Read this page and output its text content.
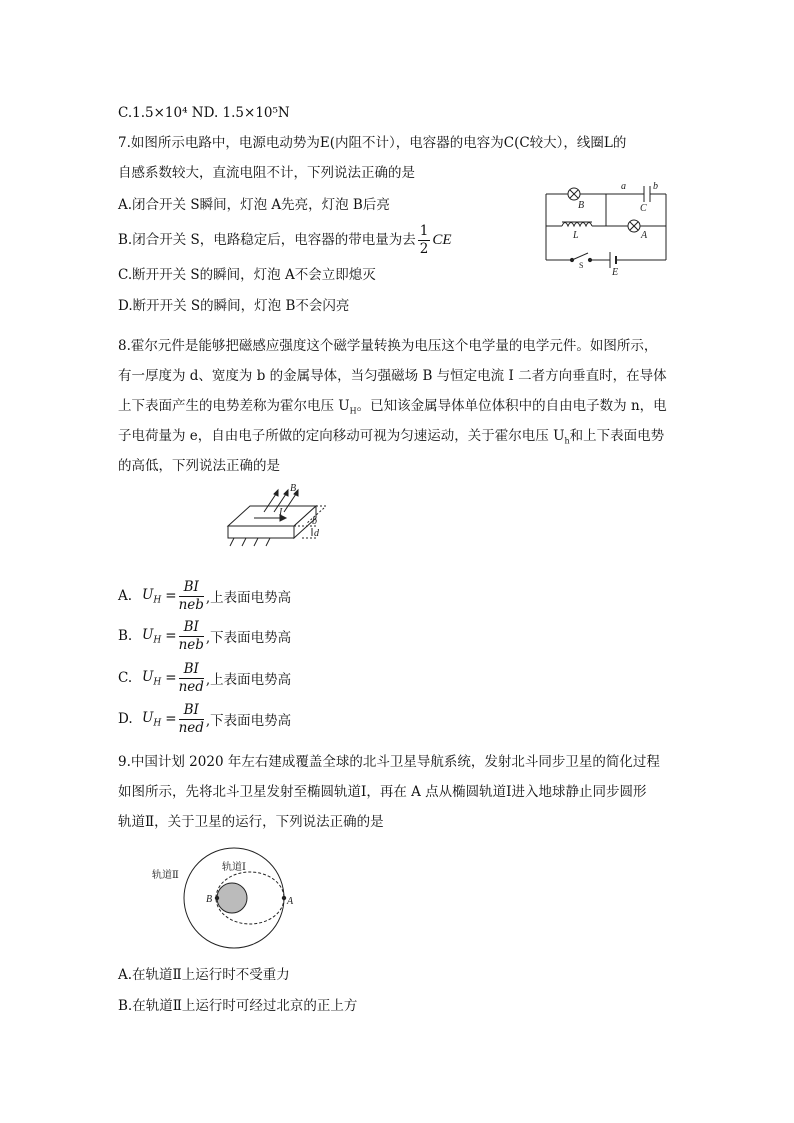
C.1.5×10⁴ ND. 1.5×10⁵N
7.如图所示电路中，电源电动势为E(内阻不计），电容器的电容为C(C较大），线圈L的
自感系数较大，直流电阻不计，下列说法正确的是
A.闭合开关 S瞬间，灯泡 A先亮，灯泡 B后亮
B.闭合开关 S，电路稳定后，电容器的带电量为去 $\frac{1}{2}$ CE
C.断开开关 S的瞬间，灯泡 A不会立即熄灭
D.断开开关 S的瞬间，灯泡 B不会闪亮
B
a	b
C
L	A
S
E
8.霍尔元件是能够把磁感应强度这个磁学量转换为电压这个电学量的电学元件。如图所示，
有一厚度为 d、宽度为 b 的金属导体，当匀强磁场 B 与恒定电流 I 二者方向垂直时，在导体
上下表面产生的电势差称为霍尔电压 $U_H$。已知该金属导体单位体积中的自由电子数为 n，电
子电荷量为 e，自由电子所做的定向移动可视为匀速运动，关于霍尔电压 $U_h$和上下表面电势
的高低，下列说法正确的是
B
I
b
d
A. $U_H = \frac{BI}{\text{neb}}$ ,上表面电势高
B. $U_H = \frac{BI}{\text{neb}}$ ,下表面电势高
C. $U_H = \frac{BI}{\text{ned}}$ ,上表面电势高
D. $U_H = \frac{BI}{\text{ned}}$ ,下表面电势高
9.中国计划 2020 年左右建成覆盖全球的北斗卫星导航系统，发射北斗同步卫星的简化过程
如图所示，先将北斗卫星发射至椭圆轨道Ⅰ，再在 A 点从椭圆轨道Ⅰ进入地球静止同步圆形
轨道Ⅱ，关于卫星的运行，下列说法正确的是
轨道Ⅱ
轨道Ⅰ
B	A
A.在轨道Ⅱ上运行时不受重力
B.在轨道Ⅱ上运行时可经过北京的正上方
